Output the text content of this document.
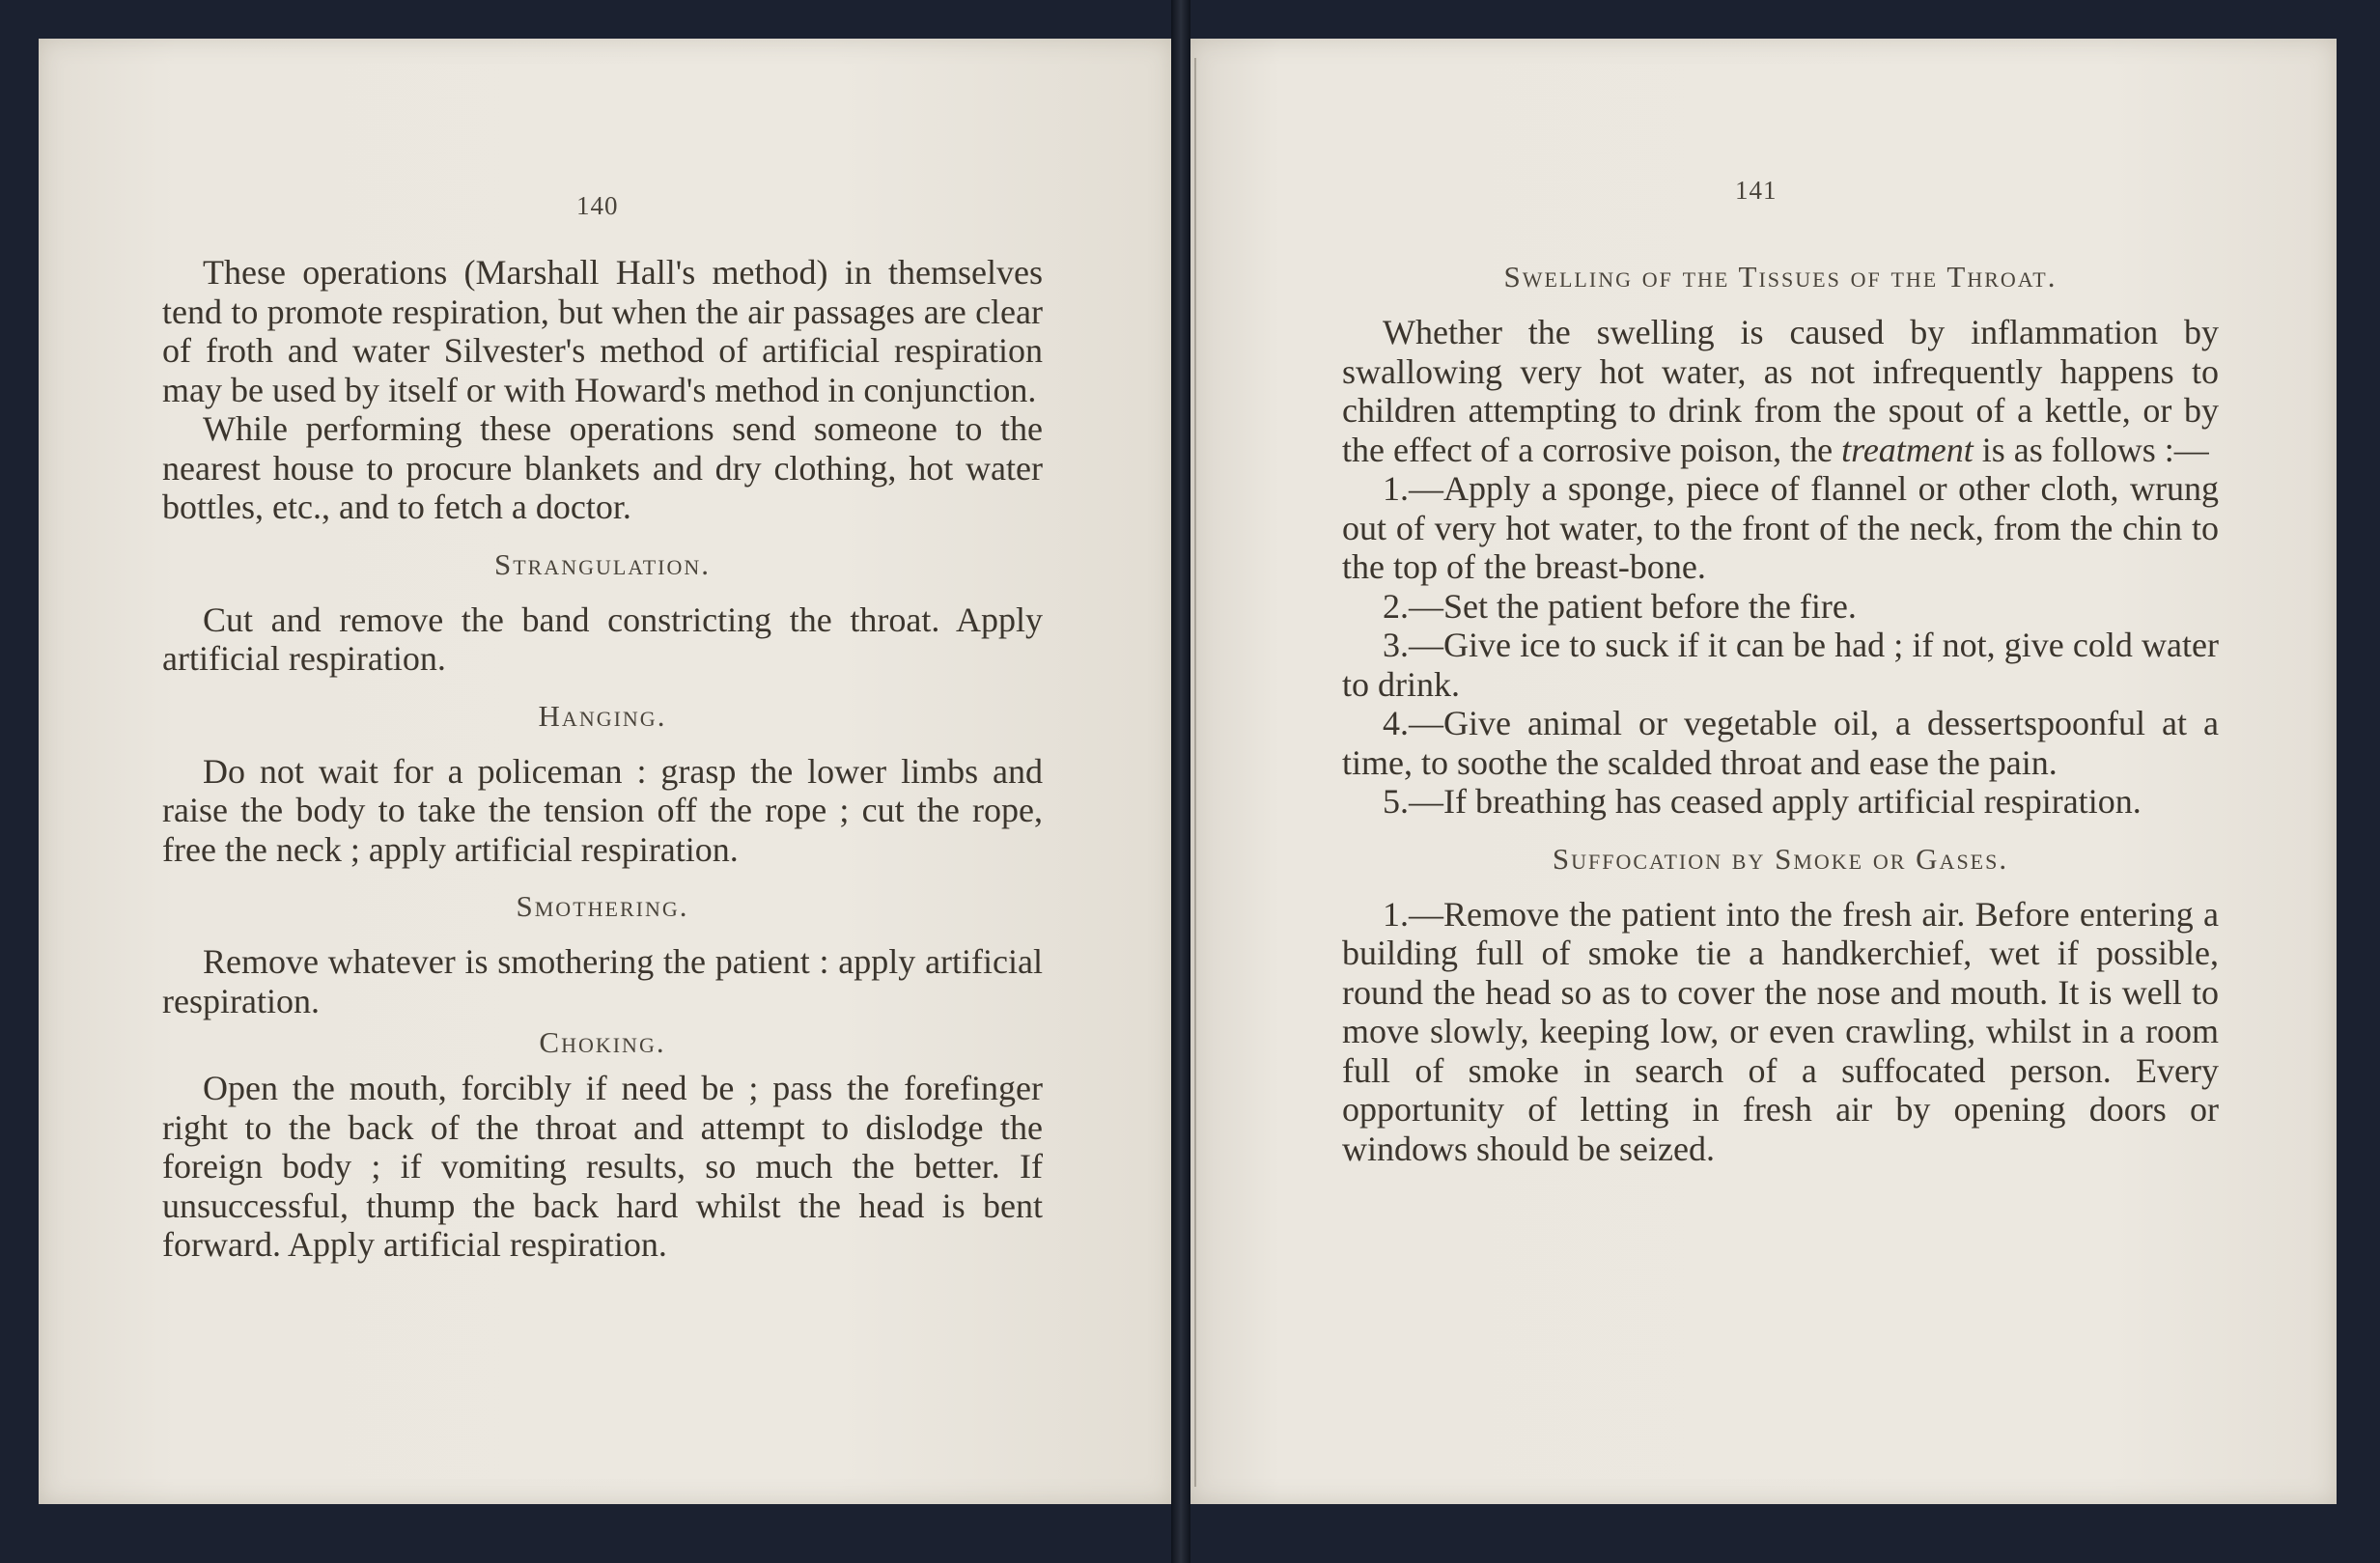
140

These operations (Marshall Hall's method) in themselves tend to promote respiration, but when the air passages are clear of froth and water Silvester's method of artificial respiration may be used by itself or with Howard's method in conjunction.

While performing these operations send someone to the nearest house to procure blankets and dry clothing, hot water bottles, etc., and to fetch a doctor.

Strangulation.

Cut and remove the band constricting the throat. Apply artificial respiration.

Hanging.

Do not wait for a policeman : grasp the lower limbs and raise the body to take the tension off the rope ; cut the rope, free the neck ; apply artificial respiration.

Smothering.

Remove whatever is smothering the patient : apply artificial respiration.

Choking.

Open the mouth, forcibly if need be ; pass the forefinger right to the back of the throat and attempt to dislodge the foreign body ; if vomiting results, so much the better. If unsuccessful, thump the back hard whilst the head is bent forward. Apply artificial respiration.

141
Swelling of the Tissues of the Throat.

Whether the swelling is caused by inflammation by swallowing very hot water, as not infrequently happens to children attempting to drink from the spout of a kettle, or by the effect of a corrosive poison, the treatment is as follows :—

1.—Apply a sponge, piece of flannel or other cloth, wrung out of very hot water, to the front of the neck, from the chin to the top of the breast-bone.

2.—Set the patient before the fire.

3.—Give ice to suck if it can be had ; if not, give cold water to drink.

4.—Give animal or vegetable oil, a dessertspoonful at a time, to soothe the scalded throat and ease the pain.

5.—If breathing has ceased apply artificial respiration.

Suffocation by Smoke or Gases.

1.—Remove the patient into the fresh air. Before entering a building full of smoke tie a handkerchief, wet if possible, round the head so as to cover the nose and mouth. It is well to move slowly, keeping low, or even crawling, whilst in a room full of smoke in search of a suffocated person. Every opportunity of letting in fresh air by opening doors or windows should be seized.
